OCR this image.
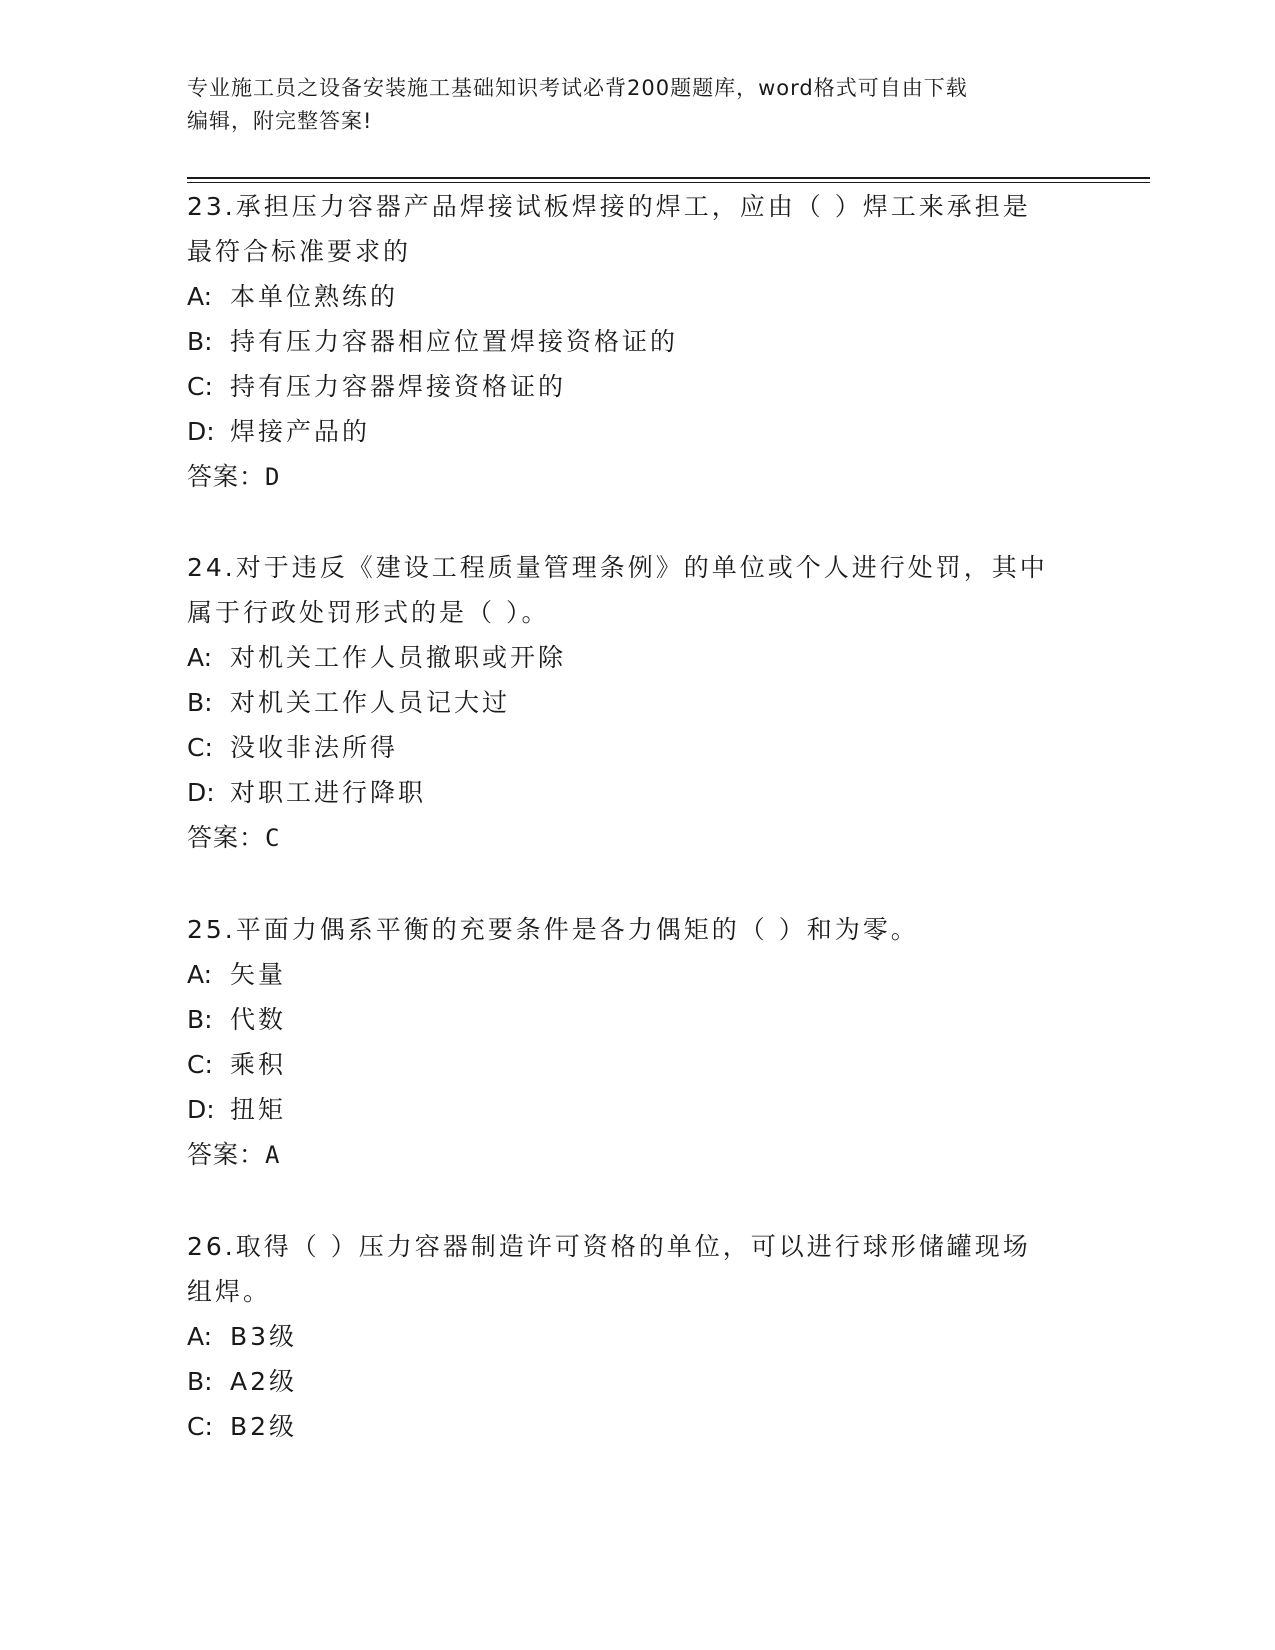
专业施工员之设备安装施工基础知识考试必背200题题库，word格式可自由下载
编辑，附完整答案!
23.承担压力容器产品焊接试板焊接的焊工，应由（ ）焊工来承担是
最符合标准要求的
A: 本单位熟练的
B: 持有压力容器相应位置焊接资格证的
C: 持有压力容器焊接资格证的
D: 焊接产品的
答案：D
24.对于违反《建设工程质量管理条例》的单位或个人进行处罚，其中
属于行政处罚形式的是（ ）。
A: 对机关工作人员撤职或开除
B: 对机关工作人员记大过
C: 没收非法所得
D: 对职工进行降职
答案：C
25.平面力偶系平衡的充要条件是各力偶矩的（ ）和为零。
A: 矢量
B: 代数
C: 乘积
D: 扭矩
答案：A
26.取得（ ）压力容器制造许可资格的单位，可以进行球形储罐现场
组焊。
A: B3级
B: A2级
C: B2级
